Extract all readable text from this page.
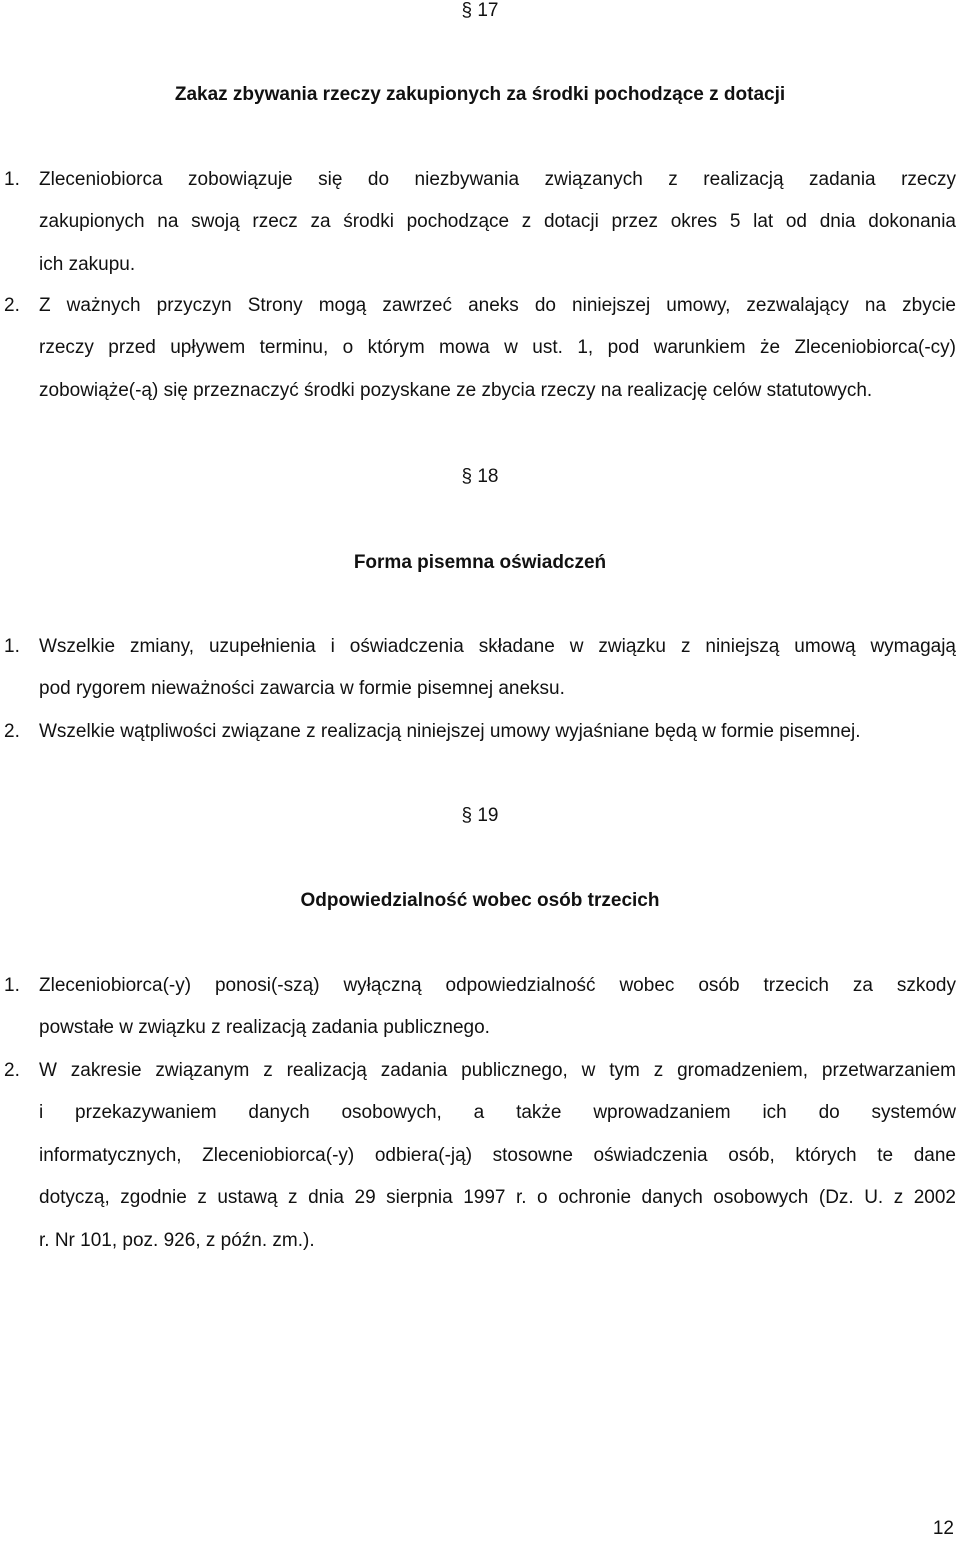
§ 17
Zakaz zbywania rzeczy zakupionych za środki pochodzące z dotacji
1. Zleceniobiorca zobowiązuje się do niezbywania związanych z realizacją zadania rzeczy
zakupionych na swoją rzecz za środki pochodzące z dotacji przez okres 5 lat od dnia dokonania
ich zakupu.
2. Z ważnych przyczyn Strony mogą zawrzeć aneks do niniejszej umowy, zezwalający na zbycie
rzeczy przed upływem terminu, o którym mowa w ust. 1, pod warunkiem że Zleceniobiorca(-cy)
zobowiąże(-ą) się przeznaczyć środki pozyskane ze zbycia rzeczy na realizację celów statutowych.
§ 18
Forma pisemna oświadczeń
1. Wszelkie zmiany, uzupełnienia i oświadczenia składane w związku z niniejszą umową wymagają
pod rygorem nieważności zawarcia w formie pisemnej aneksu.
2. Wszelkie wątpliwości związane z realizacją niniejszej umowy wyjaśniane będą w formie pisemnej.
§ 19
Odpowiedzialność wobec osób trzecich
1. Zleceniobiorca(-y) ponosi(-szą) wyłączną odpowiedzialność wobec osób trzecich za szkody
powstałe w związku z realizacją zadania publicznego.
2. W zakresie związanym z realizacją zadania publicznego, w tym z gromadzeniem, przetwarzaniem
i przekazywaniem danych osobowych, a także wprowadzaniem ich do systemów
informatycznych, Zleceniobiorca(-y) odbiera(-ją) stosowne oświadczenia osób, których te dane
dotyczą, zgodnie z ustawą z dnia 29 sierpnia 1997 r. o ochronie danych osobowych (Dz. U. z 2002
r. Nr 101, poz. 926, z późn. zm.).
12
